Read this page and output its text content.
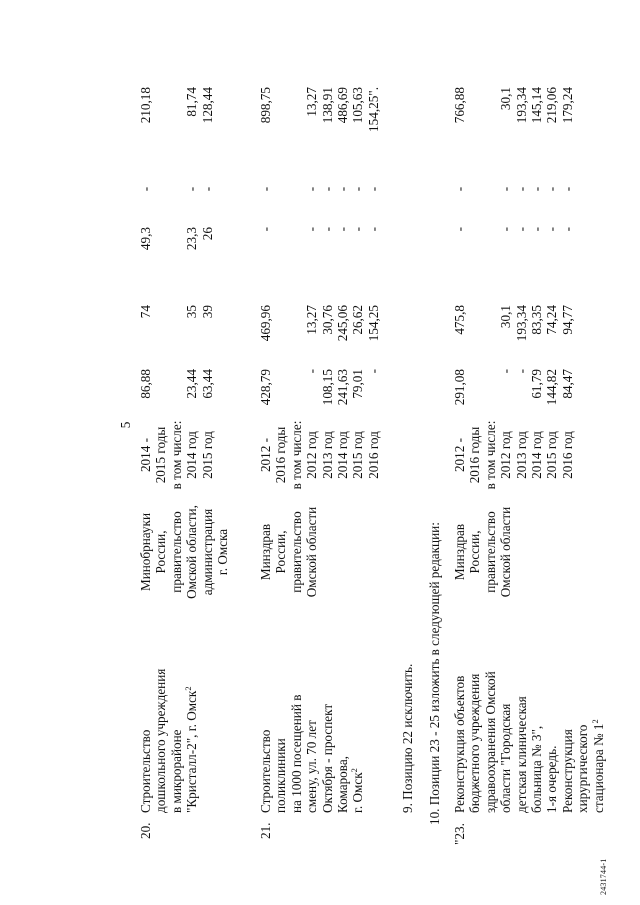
5
20.
Строительство дошкольного учреждения в микрорайоне "Кристалл-2", г. Омск$^2$
Минобрнауки России, правительство Омской области, администрация г. Омска
2014 - 2015 годы в том числе: 2014 год 2015 год
86,88

23,44 63,44
74

35 39
49,3

23,3 26
-

- -
210,18

81,74 128,44
21.
Строительство поликлиники на 1000 посещений в смену, ул. 70 лет Октября - проспект Комарова, г. Омск$^2$
Минздрав России, правительство Омской области
2012 - 2016 годы в том числе: 2012 год 2013 год 2014 год 2015 год 2016 год
428,79

- 108,15 241,63 79,01 -
469,96

13,27 30,76 245,06 26,62 154,25
-

- - - - -
-

- - - - -
898,75

13,27 138,91 486,69 105,63 154,25".
9. Позицию 22 исключить. 10. Позиции 23 - 25 изложить в следующей редакции:
"23.
Реконструкция объектов бюджетного учреждения здравоохранения Омской области "Городская детская клиническая больница № 3", 1-я очередь. Реконструкция хирургического стационара № $1^2$
Минздрав России, правительство Омской области
2012 - 2016 годы в том числе: 2012 год 2013 год 2014 год 2015 год 2016 год
291,08

- - 61,79 144,82 84,47
475,8

30,1 193,34 83,35 74,24 94,77
-

- - - - -
-

- - - - -
766,88

30,1 193,34 145,14 219,06 179,24
2431744-1
